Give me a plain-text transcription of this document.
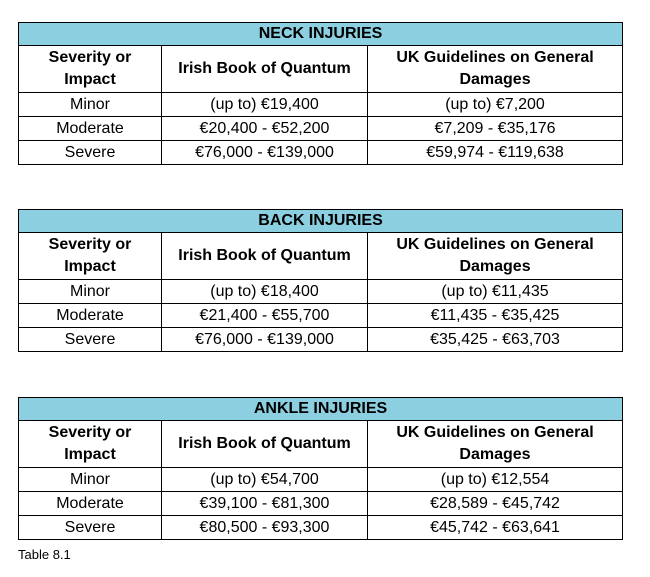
NECK INJURIES		
Severity or
Impact	Irish Book of Quantum	UK Guidelines on General
Damages
Minor	(up to) €19,400	(up to) €7,200
Moderate	€20,400 - €52,200	€7,209 - €35,176
Severe	€76,000 - €139,000	€59,974 - €119,638
BACK INJURIES		
Severity or
Impact	Irish Book of Quantum	UK Guidelines on General
Damages
Minor	(up to) €18,400	(up to) €11,435
Moderate	€21,400 - €55,700	€11,435 - €35,425
Severe	€76,000 - €139,000	€35,425 - €63,703
ANKLE INJURIES		
Severity or
Impact	Irish Book of Quantum	UK Guidelines on General
Damages
Minor	(up to) €54,700	(up to) €12,554
Moderate	€39,100 - €81,300	€28,589 - €45,742
Severe	€80,500 - €93,300	€45,742 - €63,641
Table 8.1
